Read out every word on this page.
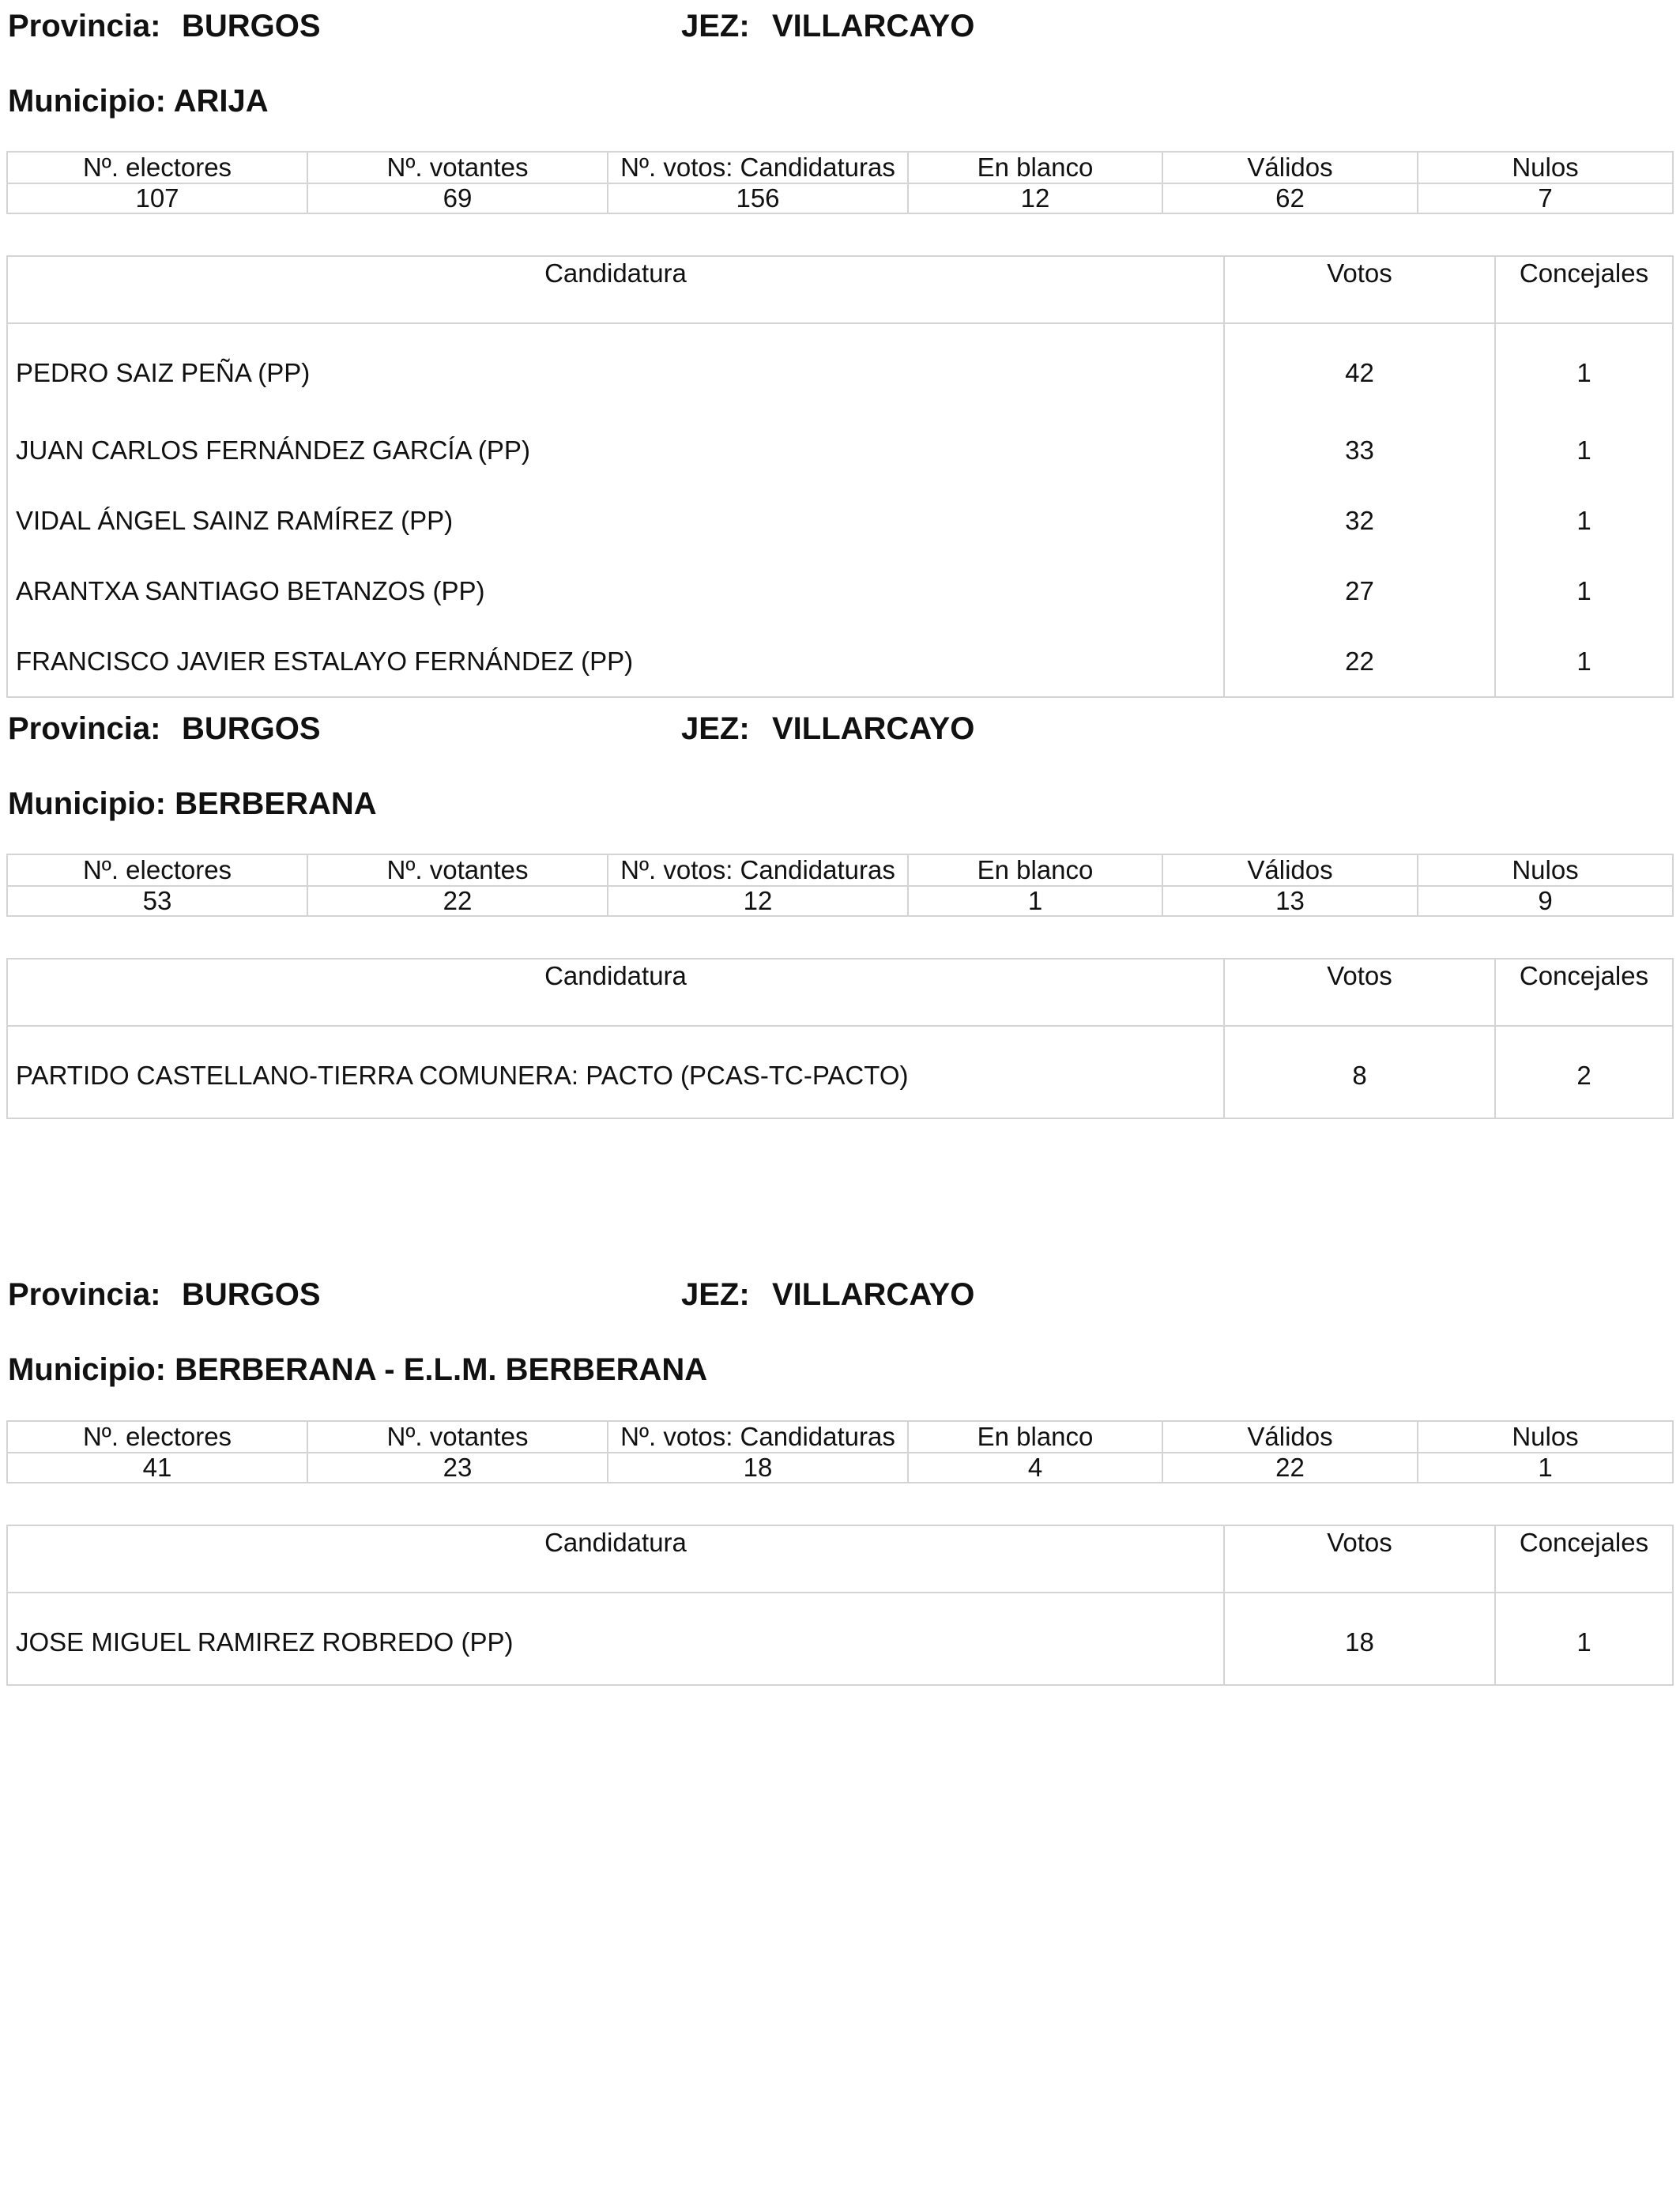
Provincia: BURGOS	JEZ: VILLARCAYO
Municipio: ARIJA
Nº. electores	Nº. votantes	Nº. votos: Candidaturas	En blanco	Válidos	Nulos
107	69	156	12	62	7
Candidatura	Votos	Concejales
PEDRO SAIZ PEÑA (PP)	42	1
JUAN CARLOS FERNÁNDEZ GARCÍA (PP)	33	1
VIDAL ÁNGEL SAINZ RAMÍREZ (PP)	32	1
ARANTXA SANTIAGO BETANZOS (PP)	27	1
FRANCISCO JAVIER ESTALAYO FERNÁNDEZ (PP)	22	1
Provincia: BURGOS	JEZ: VILLARCAYO
Municipio: BERBERANA
Nº. electores	Nº. votantes	Nº. votos: Candidaturas	En blanco	Válidos	Nulos
53	22	12	1	13	9
Candidatura	Votos	Concejales
PARTIDO CASTELLANO-TIERRA COMUNERA: PACTO (PCAS-TC-PACTO)	8	2
Provincia: BURGOS	JEZ: VILLARCAYO
Municipio: BERBERANA - E.L.M. BERBERANA
Nº. electores	Nº. votantes	Nº. votos: Candidaturas	En blanco	Válidos	Nulos
41	23	18	4	22	1
Candidatura	Votos	Concejales
JOSE MIGUEL RAMIREZ ROBREDO (PP)	18	1
